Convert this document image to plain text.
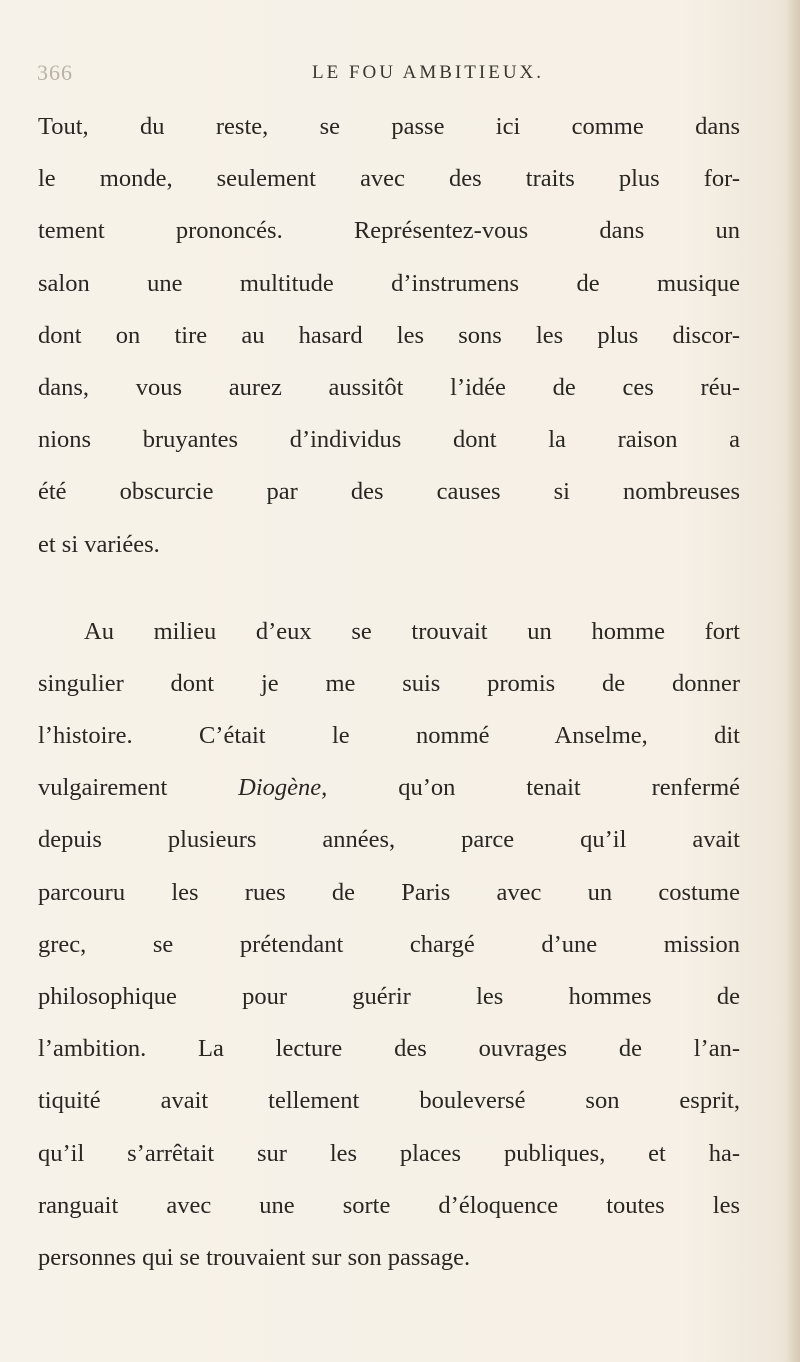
366	LE FOU AMBITIEUX.
Tout, du reste, se passe ici comme dans
le monde, seulement avec des traits plus for-
tement prononcés. Représentez-vous dans un
salon une multitude d’instrumens de musique
dont on tire au hasard les sons les plus discor-
dans, vous aurez aussitôt l’idée de ces réu-
nions bruyantes d’individus dont la raison a
été obscurcie par des causes si nombreuses
et si variées.
Au milieu d’eux se trouvait un homme fort
singulier dont je me suis promis de donner
l’histoire. C’était le nommé Anselme, dit
vulgairement Diogène, qu’on tenait renfermé
depuis plusieurs années, parce qu’il avait
parcouru les rues de Paris avec un costume
grec, se prétendant chargé d’une mission
philosophique pour guérir les hommes de
l’ambition. La lecture des ouvrages de l’an-
tiquité avait tellement bouleversé son esprit,
qu’il s’arrêtait sur les places publiques, et ha-
ranguait avec une sorte d’éloquence toutes les
personnes qui se trouvaient sur son passage.
